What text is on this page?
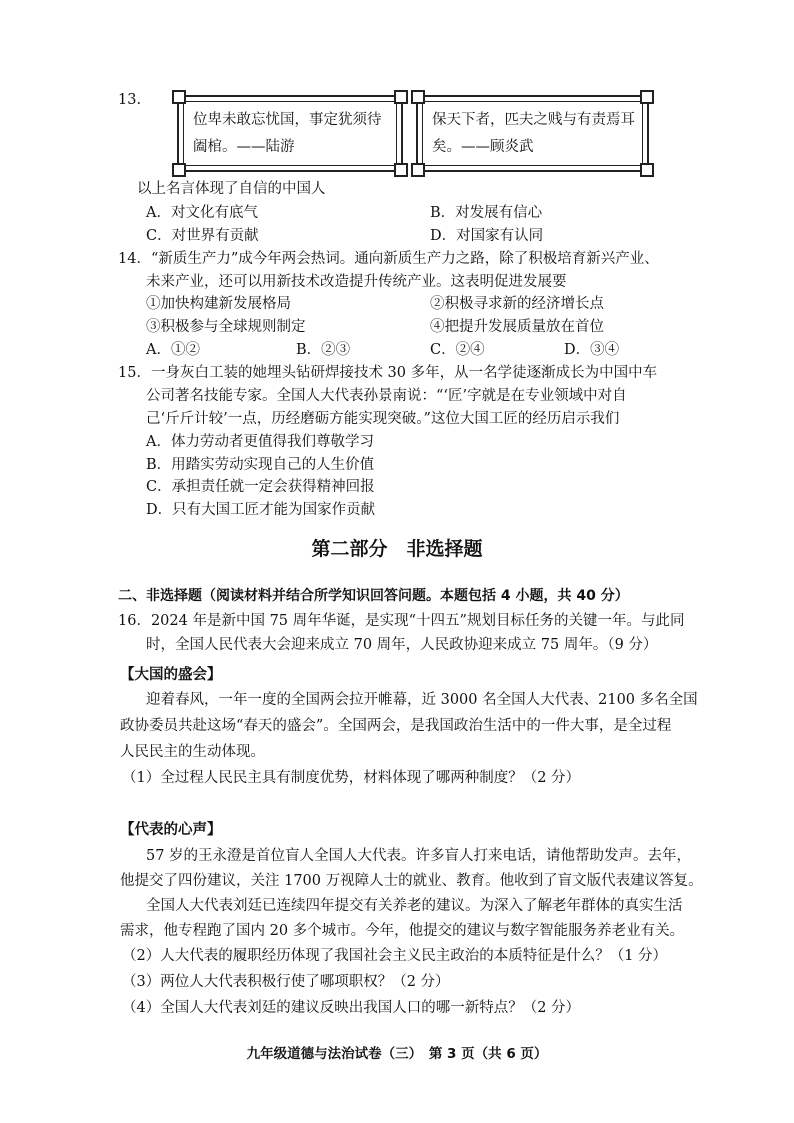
13.
位卑未敢忘忧国，事定犹须待阖棺。——陆游
保天下者，匹夫之贱与有责焉耳矣。——顾炎武
以上名言体现了自信的中国人
A．对文化有底气	B．对发展有信心
C．对世界有贡献	D．对国家有认同
14．“新质生产力”成今年两会热词。通向新质生产力之路，除了积极培育新兴产业、
未来产业，还可以用新技术改造提升传统产业。这表明促进发展要
①加快构建新发展格局	②积极寻求新的经济增长点
③积极参与全球规则制定	④把提升发展质量放在首位
A．①②	B．②③	C．②④	D．③④
15．一身灰白工装的她埋头钻研焊接技术 30 多年，从一名学徒逐渐成长为中国中车
公司著名技能专家。全国人大代表孙景南说：“‘匠’字就是在专业领域中对自
己‘斤斤计较’一点，历经磨砺方能实现突破。”这位大国工匠的经历启示我们
A．体力劳动者更值得我们尊敬学习
B．用踏实劳动实现自己的人生价值
C．承担责任就一定会获得精神回报
D．只有大国工匠才能为国家作贡献
第二部分　非选择题
二、非选择题（阅读材料并结合所学知识回答问题。本题包括 4 小题，共 40 分）
16．2024 年是新中国 75 周年华诞，是实现“十四五”规划目标任务的关键一年。与此同
时，全国人民代表大会迎来成立 70 周年，人民政协迎来成立 75 周年。（9 分）
【大国的盛会】
迎着春风，一年一度的全国两会拉开帷幕，近 3000 名全国人大代表、2100 多名全国
政协委员共赴这场“春天的盛会”。全国两会，是我国政治生活中的一件大事，是全过程
人民民主的生动体现。
（1）全过程人民民主具有制度优势，材料体现了哪两种制度？（2 分）
【代表的心声】
57 岁的王永澄是首位盲人全国人大代表。许多盲人打来电话，请他帮助发声。去年，
他提交了四份建议，关注 1700 万视障人士的就业、教育。他收到了盲文版代表建议答复。
全国人大代表刘廷已连续四年提交有关养老的建议。为深入了解老年群体的真实生活
需求，他专程跑了国内 20 多个城市。今年，他提交的建议与数字智能服务养老业有关。
（2）人大代表的履职经历体现了我国社会主义民主政治的本质特征是什么？（1 分）
（3）两位人大代表积极行使了哪项职权？（2 分）
（4）全国人大代表刘廷的建议反映出我国人口的哪一新特点？（2 分）
九年级道德与法治试卷（三）　第 3 页（共 6 页）
